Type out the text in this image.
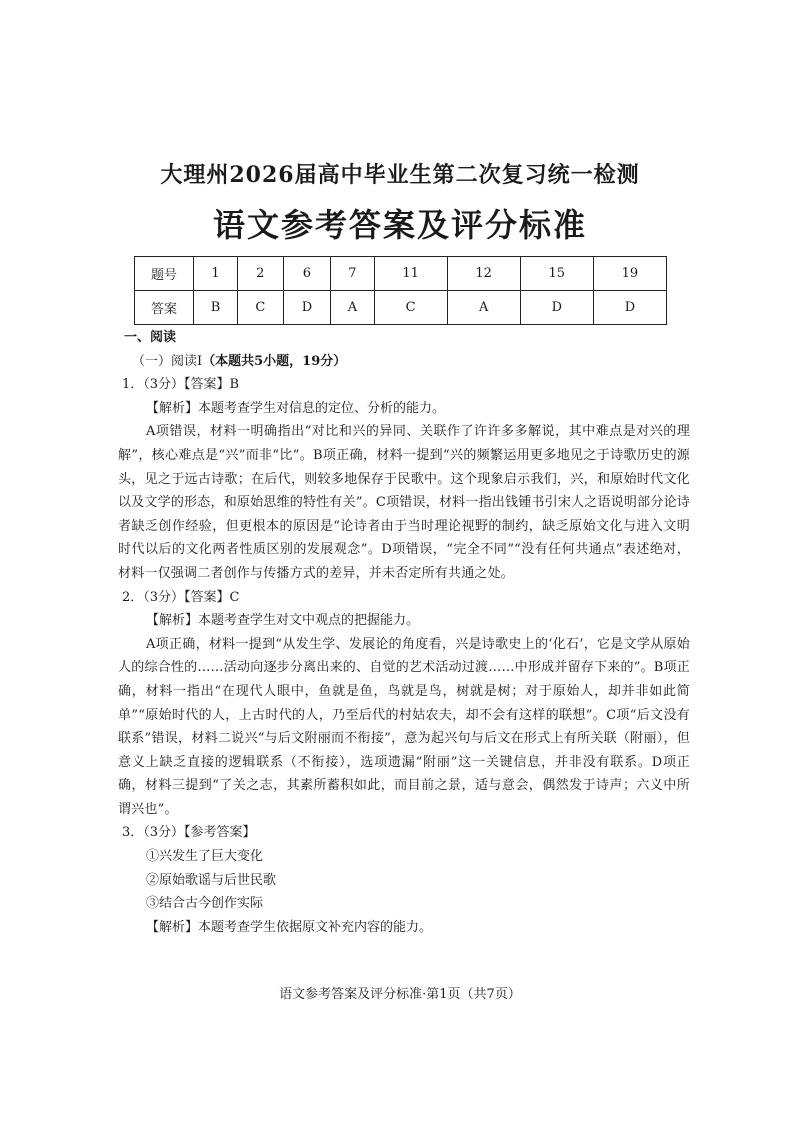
大理州2026届高中毕业生第二次复习统一检测
语文参考答案及评分标准
题号	1	2	6	7	11	12	15	19
答案	B	C	D	A	C	A	D	D

一、阅读

（一）阅读Ⅰ（本题共5小题，19分）

1．（3分）【答案】B

【解析】本题考查学生对信息的定位、分析的能力。

A项错误，材料一明确指出“对比和兴的异同、关联作了许许多多解说，其中难点是对兴的理解”，核心难点是“兴”而非“比”。B项正确，材料一提到“兴的频繁运用更多地见之于诗歌历史的源头，见之于远古诗歌；在后代，则较多地保存于民歌中。这个现象启示我们，兴，和原始时代文化以及文学的形态，和原始思维的特性有关”。C项错误，材料一指出钱锺书引宋人之语说明部分论诗者缺乏创作经验，但更根本的原因是“论诗者由于当时理论视野的制约，缺乏原始文化与进入文明时代以后的文化两者性质区别的发展观念”。D项错误，“完全不同”“没有任何共通点”表述绝对，材料一仅强调二者创作与传播方式的差异，并未否定所有共通之处。

2．（3分）【答案】C

【解析】本题考查学生对文中观点的把握能力。

A项正确，材料一提到“从发生学、发展论的角度看，兴是诗歌史上的‘化石’，它是文学从原始人的综合性的……活动向逐步分离出来的、自觉的艺术活动过渡……中形成并留存下来的”。B项正确，材料一指出“在现代人眼中，鱼就是鱼，鸟就是鸟，树就是树；对于原始人，却并非如此简单”“原始时代的人，上古时代的人，乃至后代的村姑农夫，却不会有这样的联想”。C项“后文没有联系”错误，材料二说兴“与后文附丽而不衔接”，意为起兴句与后文在形式上有所关联（附丽），但意义上缺乏直接的逻辑联系（不衔接），选项遗漏“附丽”这一关键信息，并非没有联系。D项正确，材料三提到“了关之志，其素所蓄积如此，而目前之景，适与意会，偶然发于诗声；六义中所谓兴也”。

3．（3分）【参考答案】

①兴发生了巨大变化

②原始歌谣与后世民歌

③结合古今创作实际

【解析】本题考查学生依据原文补充内容的能力。

语文参考答案及评分标准·第1页（共7页）
